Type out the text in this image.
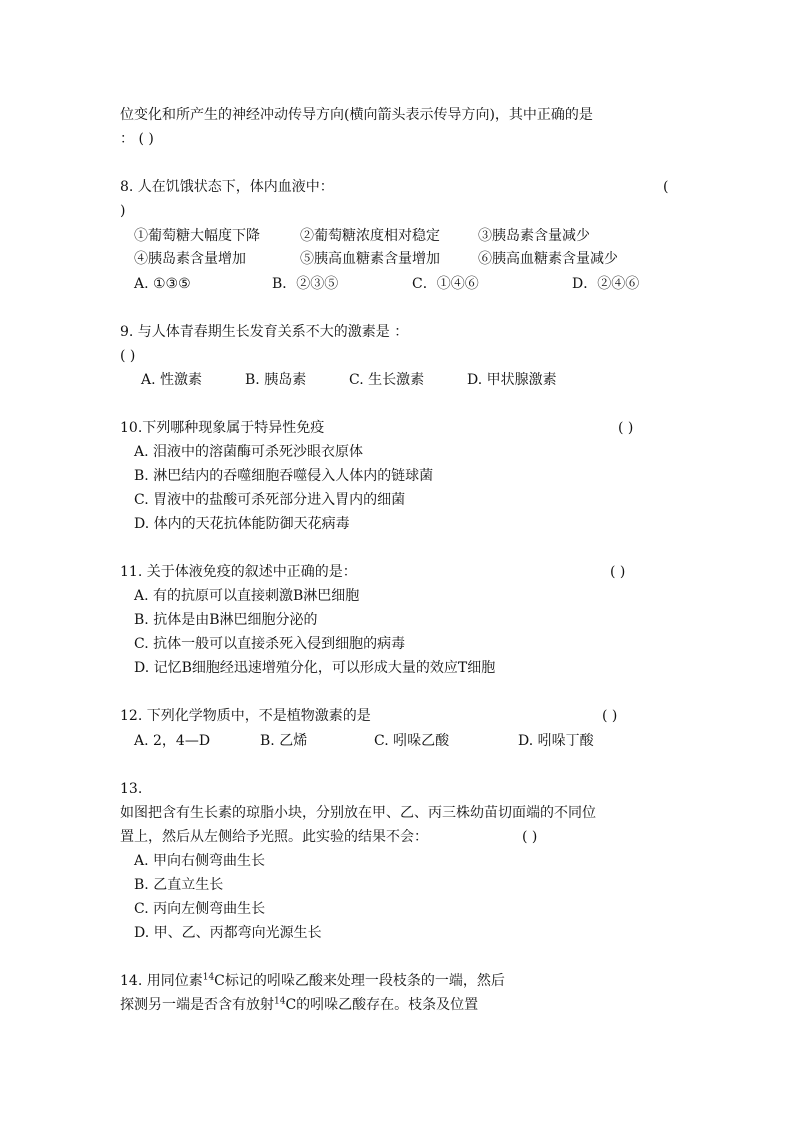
位变化和所产生的神经冲动传导方向(横向箭头表示传导方向)，其中正确的是
： ( )
8. 人在饥饿状态下，体内血液中：	(
)
①葡萄糖大幅度下降	②葡萄糖浓度相对稳定	③胰岛素含量减少
④胰岛素含量增加	⑤胰高血糖素含量增加	⑥胰高血糖素含量减少
A. ①③⑤	B．②③⑤	C．①④⑥	D．②④⑥
9. 与人体青春期生长发育关系不大的激素是 ：
( )
A. 性激素	B. 胰岛素	C. 生长激素	D. 甲状腺激素
10.下列哪种现象属于特异性免疫	( )
A. 泪液中的溶菌酶可杀死沙眼衣原体
B. 淋巴结内的吞噬细胞吞噬侵入人体内的链球菌
C. 胃液中的盐酸可杀死部分进入胃内的细菌
D. 体内的天花抗体能防御天花病毒
11. 关于体液免疫的叙述中正确的是：	( )
A. 有的抗原可以直接刺激B淋巴细胞
B. 抗体是由B淋巴细胞分泌的
C. 抗体一般可以直接杀死入侵到细胞的病毒
D. 记忆B细胞经迅速增殖分化，可以形成大量的效应T细胞
12. 下列化学物质中，不是植物激素的是	( )
A. 2，4—D	B. 乙烯	C. 吲哚乙酸	D. 吲哚丁酸
13.
如图把含有生长素的琼脂小块，分别放在甲、乙、丙三株幼苗切面端的不同位
置上，然后从左侧给予光照。此实验的结果不会：	( )
A. 甲向右侧弯曲生长
B. 乙直立生长
C. 丙向左侧弯曲生长
D. 甲、乙、丙都弯向光源生长
14. 用同位素$^{14}$C标记的吲哚乙酸来处理一段枝条的一端，然后
探测另一端是否含有放射$^{14}$C的吲哚乙酸存在。枝条及位置
